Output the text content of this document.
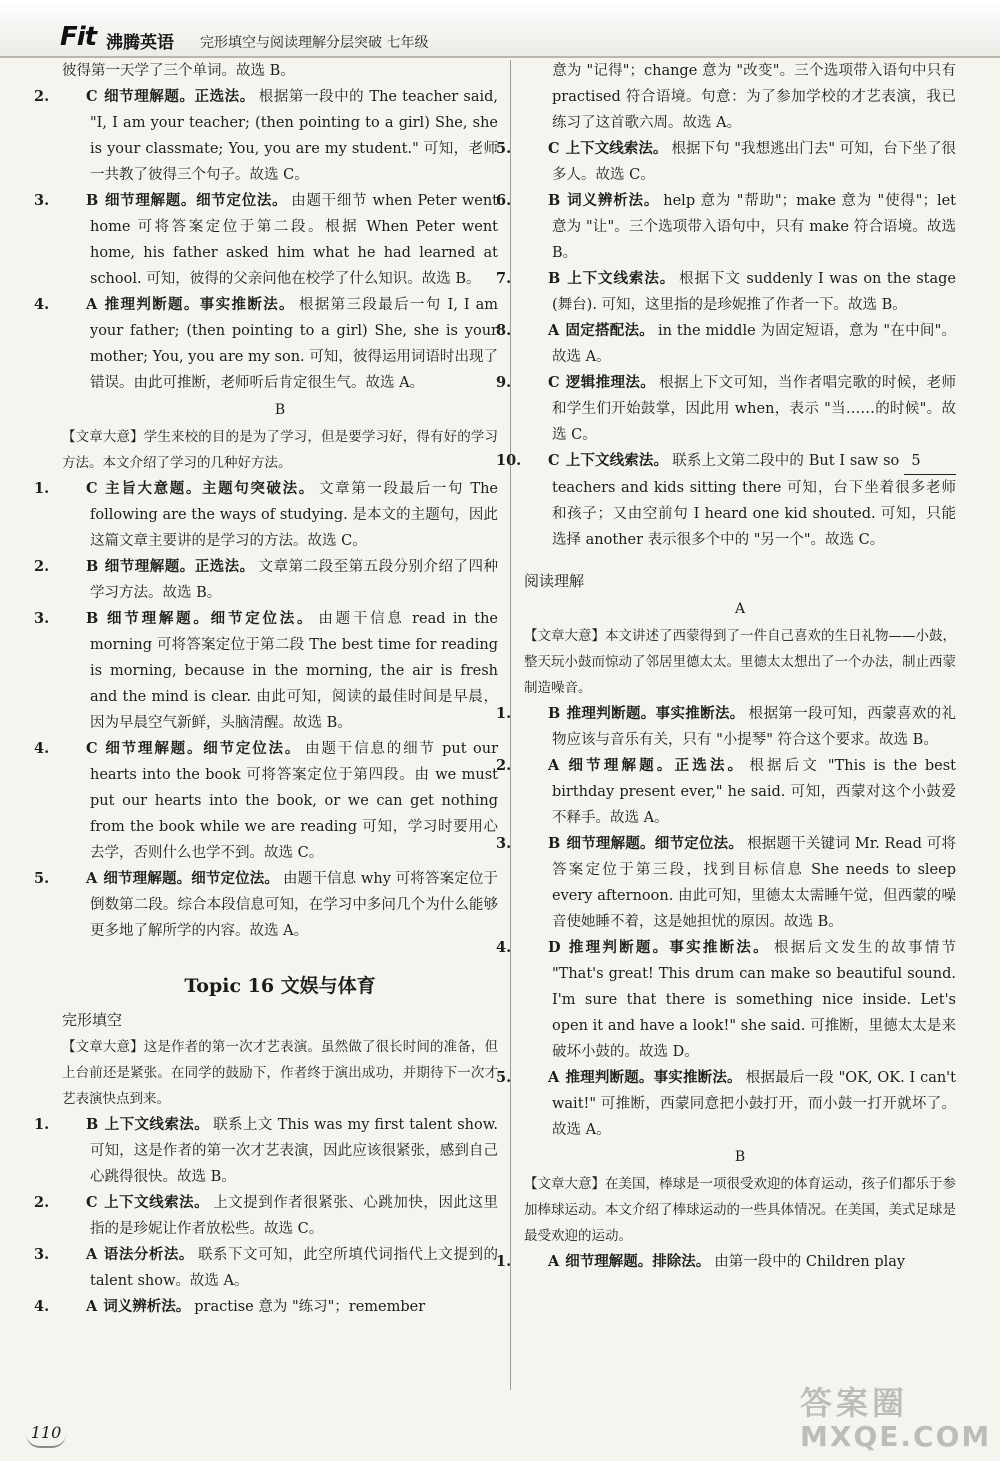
Fit 沸腾英语 完形填空与阅读理解分层突破 七年级

彼得第一天学了三个单词。故选 B。

2.	C 细节理解题。正选法。 根据第一段中的 The teacher said, "I, I am your teacher; (then pointing to a girl) She, she is your classmate; You, you are my student." 可知，老师一共教了彼得三个句子。故选 C。

3.	B 细节理解题。细节定位法。 由题干细节 when Peter went home 可将答案定位于第二段。根据 When Peter went home, his father asked him what he had learned at school. 可知，彼得的父亲问他在校学了什么知识。故选 B。

4.	A 推理判断题。事实推断法。 根据第三段最后一句 I, I am your father; (then pointing to a girl) She, she is your mother; You, you are my son. 可知，彼得运用词语时出现了错误。由此可推断，老师听后肯定很生气。故选 A。

B

【文章大意】学生来校的目的是为了学习，但是要学习好，得有好的学习方法。本文介绍了学习的几种好方法。

1.	C 主旨大意题。主题句突破法。 文章第一段最后一句 The following are the ways of studying. 是本文的主题句，因此这篇文章主要讲的是学习的方法。故选 C。

2.	B 细节理解题。正选法。 文章第二段至第五段分别介绍了四种学习方法。故选 B。

3.	B 细节理解题。细节定位法。 由题干信息 read in the morning 可将答案定位于第二段 The best time for reading is morning, because in the morning, the air is fresh and the mind is clear. 由此可知，阅读的最佳时间是早晨，因为早晨空气新鲜，头脑清醒。故选 B。

4.	C 细节理解题。细节定位法。 由题干信息的细节 put our hearts into the book 可将答案定位于第四段。由 we must put our hearts into the book, or we can get nothing from the book while we are reading 可知，学习时要用心去学，否则什么也学不到。故选 C。

5.	A 细节理解题。细节定位法。 由题干信息 why 可将答案定位于倒数第二段。综合本段信息可知，在学习中多问几个为什么能够更多地了解所学的内容。故选 A。

Topic 16 文娱与体育
完形填空

【文章大意】这是作者的第一次才艺表演。虽然做了很长时间的准备，但上台前还是紧张。在同学的鼓励下，作者终于演出成功，并期待下一次才艺表演快点到来。

1.	B 上下文线索法。 联系上文 This was my first talent show. 可知，这是作者的第一次才艺表演，因此应该很紧张，感到自己心跳得很快。故选 B。

2.	C 上下文线索法。 上文提到作者很紧张、心跳加快，因此这里指的是珍妮让作者放松些。故选 C。

3.	A 语法分析法。 联系下文可知，此空所填代词指代上文提到的 talent show。故选 A。

4.	A 词义辨析法。 practise 意为 "练习"；remember

意为 "记得"；change 意为 "改变"。三个选项带入语句中只有 practised 符合语境。句意：为了参加学校的才艺表演，我已练习了这首歌六周。故选 A。

5.	C 上下文线索法。 根据下句 "我想逃出门去" 可知，台下坐了很多人。故选 C。

6.	B 词义辨析法。 help 意为 "帮助"；make 意为 "使得"；let 意为 "让"。三个选项带入语句中，只有 make 符合语境。故选 B。

7.	B 上下文线索法。 根据下文 suddenly I was on the stage (舞台). 可知，这里指的是珍妮推了作者一下。故选 B。

8.	A 固定搭配法。 in the middle 为固定短语，意为 "在中间"。故选 A。

9.	C 逻辑推理法。 根据上下文可知，当作者唱完歌的时候，老师和学生们开始鼓掌，因此用 when，表示 "当……的时候"。故选 C。

10. C 上下文线索法。 联系上文第二段中的 But I saw so 5 teachers and kids sitting there 可知，台下坐着很多老师和孩子；又由空前句 I heard one kid shouted. 可知，只能选择 another 表示很多个中的 "另一个"。故选 C。

阅读理解

A

【文章大意】本文讲述了西蒙得到了一件自己喜欢的生日礼物——小鼓，整天玩小鼓而惊动了邻居里德太太。里德太太想出了一个办法，制止西蒙制造噪音。

1.	B 推理判断题。事实推断法。 根据第一段可知，西蒙喜欢的礼物应该与音乐有关，只有 "小提琴" 符合这个要求。故选 B。

2.	A 细节理解题。正选法。 根据后文 "This is the best birthday present ever," he said. 可知，西蒙对这个小鼓爱不释手。故选 A。

3.	B 细节理解题。细节定位法。 根据题干关键词 Mr. Read 可将答案定位于第三段，找到目标信息 She needs to sleep every afternoon. 由此可知，里德太太需睡午觉，但西蒙的噪音使她睡不着，这是她担忧的原因。故选 B。

4.	D 推理判断题。事实推断法。 根据后文发生的故事情节 "That's great! This drum can make so beautiful sound. I'm sure that there is something nice inside. Let's open it and have a look!" she said. 可推断，里德太太是来破坏小鼓的。故选 D。

5.	A 推理判断题。事实推断法。 根据最后一段 "OK, OK. I can't wait!" 可推断，西蒙同意把小鼓打开，而小鼓一打开就坏了。故选 A。

B

【文章大意】在美国，棒球是一项很受欢迎的体育运动，孩子们都乐于参加棒球运动。本文介绍了棒球运动的一些具体情况。在美国，美式足球是最受欢迎的运动。

1.	A 细节理解题。排除法。 由第一段中的 Children play

110
答案圈
MXQE.COM
